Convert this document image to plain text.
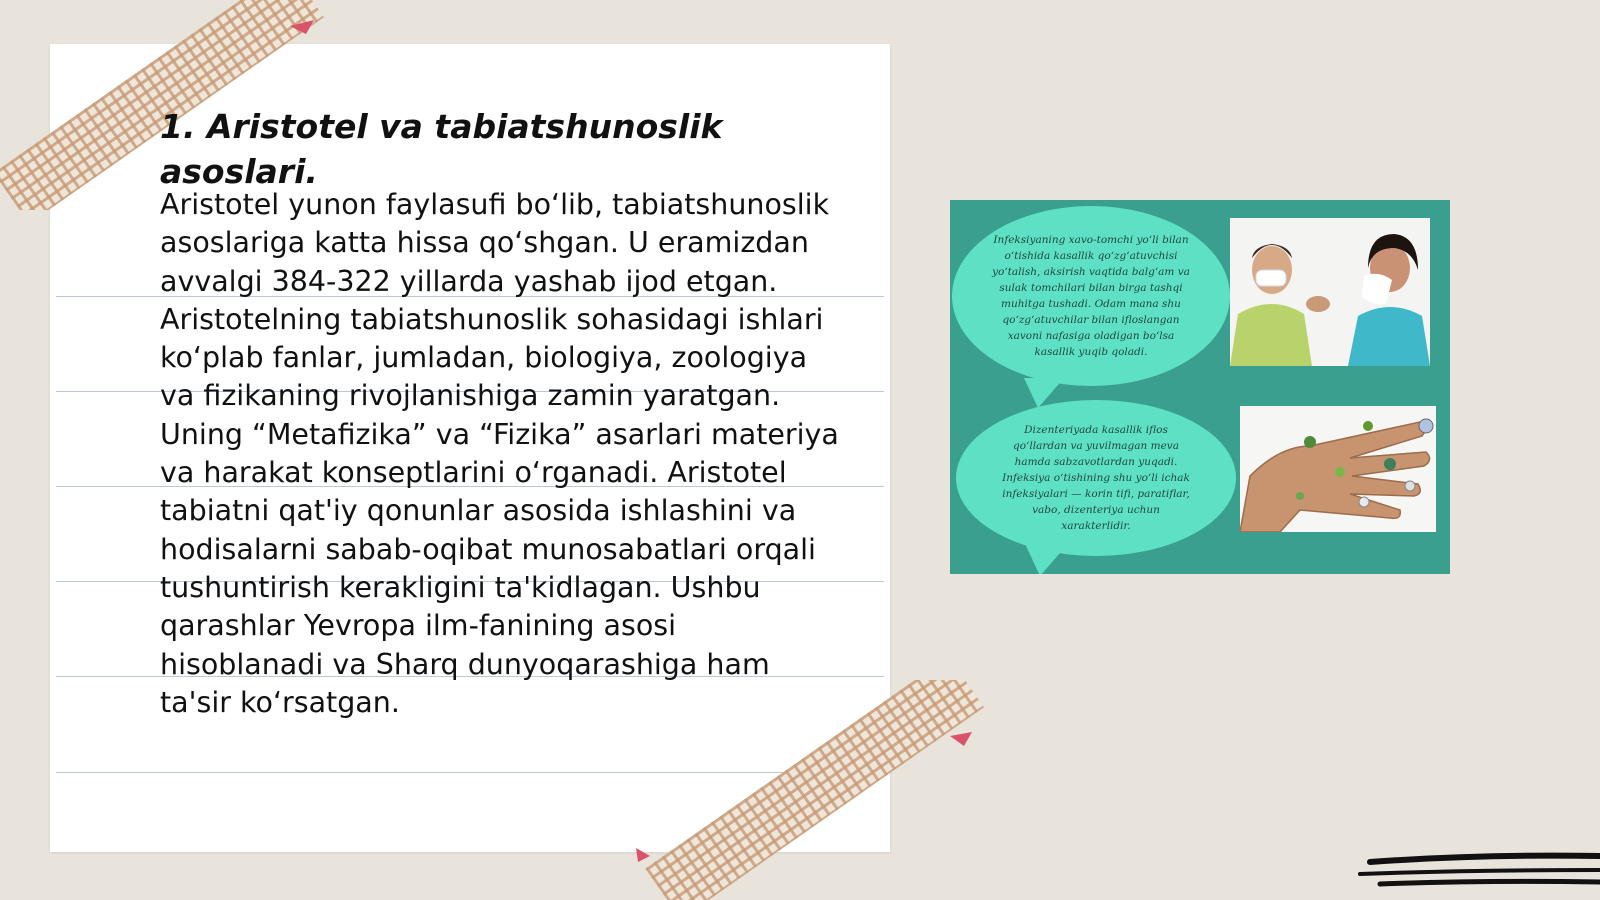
1. Aristotel va tabiatshunoslik asoslari.

Aristotel yunon faylasufi bo‘lib, tabiatshunoslik asoslariga katta hissa qo‘shgan. U eramizdan avvalgi 384-322 yillarda yashab ijod etgan. Aristotelning tabiatshunoslik sohasidagi ishlari ko‘plab fanlar, jumladan, biologiya, zoologiya va fizikaning rivojlanishiga zamin yaratgan. Uning “Metafizika” va “Fizika” asarlari materiya va harakat konseptlarini o‘rganadi. Aristotel tabiatni qat'iy qonunlar asosida ishlashini va hodisalarni sabab-oqibat munosabatlari orqali tushuntirish kerakligini ta'kidlagan. Ushbu qarashlar Yevropa ilm-fanining asosi hisoblanadi va Sharq dunyoqarashiga ham ta'sir ko‘rsatgan.

Infeksiyaning xavo-tomchi yo‘li bilan o‘tishida kasallik qo‘zg‘atuvchisi yo‘talish, aksirish vaqtida balg‘am va sulak tomchilari bilan birga tashqi muhitga tushadi. Odam mana shu qo‘zg‘atuvchilar bilan ifloslangan xavoni nafasiga oladigan bo‘lsa kasallik yuqib qoladi.
Dizenteriyada kasallik iflos qo‘llardan va yuvilmagan meva hamda sabzavotlardan yuqadi. Infeksiya o‘tishining shu yo‘li ichak infeksiyalari — korin tifi, paratiflar, vabo, dizenteriya uchun xarakterlidir.
